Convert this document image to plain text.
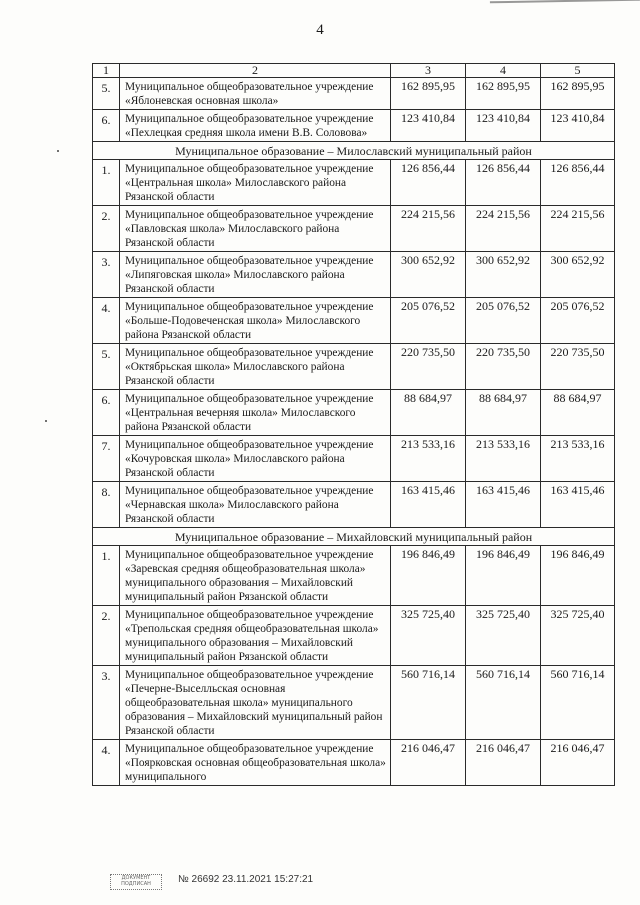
4
1	2	3	4	5
5.	Муниципальное общеобразовательное учреждение «Яблоневская основная школа»	162 895,95	162 895,95	162 895,95
6.	Муниципальное общеобразовательное учреждение «Пехлецкая средняя школа имени В.В. Соловова»	123 410,84	123 410,84	123 410,84
Муниципальное образование – Милославский муниципальный район				
1.	Муниципальное общеобразовательное учреждение «Центральная школа» Милославского района Рязанской области	126 856,44	126 856,44	126 856,44
2.	Муниципальное общеобразовательное учреждение «Павловская школа» Милославского района Рязанской области	224 215,56	224 215,56	224 215,56
3.	Муниципальное общеобразовательное учреждение «Липяговская школа» Милославского района Рязанской области	300 652,92	300 652,92	300 652,92
4.	Муниципальное общеобразовательное учреждение «Больше-Подовеченская школа» Милославского района Рязанской области	205 076,52	205 076,52	205 076,52
5.	Муниципальное общеобразовательное учреждение «Октябрьская школа» Милославского района Рязанской области	220 735,50	220 735,50	220 735,50
6.	Муниципальное общеобразовательное учреждение «Центральная вечерняя школа» Милославского района Рязанской области	88 684,97	88 684,97	88 684,97
7.	Муниципальное общеобразовательное учреждение «Кочуровская школа» Милославского района Рязанской области	213 533,16	213 533,16	213 533,16
8.	Муниципальное общеобразовательное учреждение «Чернавская школа» Милославского района Рязанской области	163 415,46	163 415,46	163 415,46
Муниципальное образование – Михайловский муниципальный район				
1.	Муниципальное общеобразовательное учреждение «Заревская средняя общеобразовательная школа» муниципального образования – Михайловский муниципальный район Рязанской области	196 846,49	196 846,49	196 846,49
2.	Муниципальное общеобразовательное учреждение «Трепольская средняя общеобразовательная школа» муниципального образования – Михайловский муниципальный район Рязанской области	325 725,40	325 725,40	325 725,40
3.	Муниципальное общеобразовательное учреждение «Печерне-Выселльская основная общеобразовательная школа» муниципального образования – Михайловский муниципальный район Рязанской области	560 716,14	560 716,14	560 716,14
4.	Муниципальное общеобразовательное учреждение «Поярковская основная общеобразовательная школа» муниципального	216 046,47	216 046,47	216 046,47
ДОКУМЕНТ ПОДПИСАН	№ 26692 23.11.2021 15:27:21
